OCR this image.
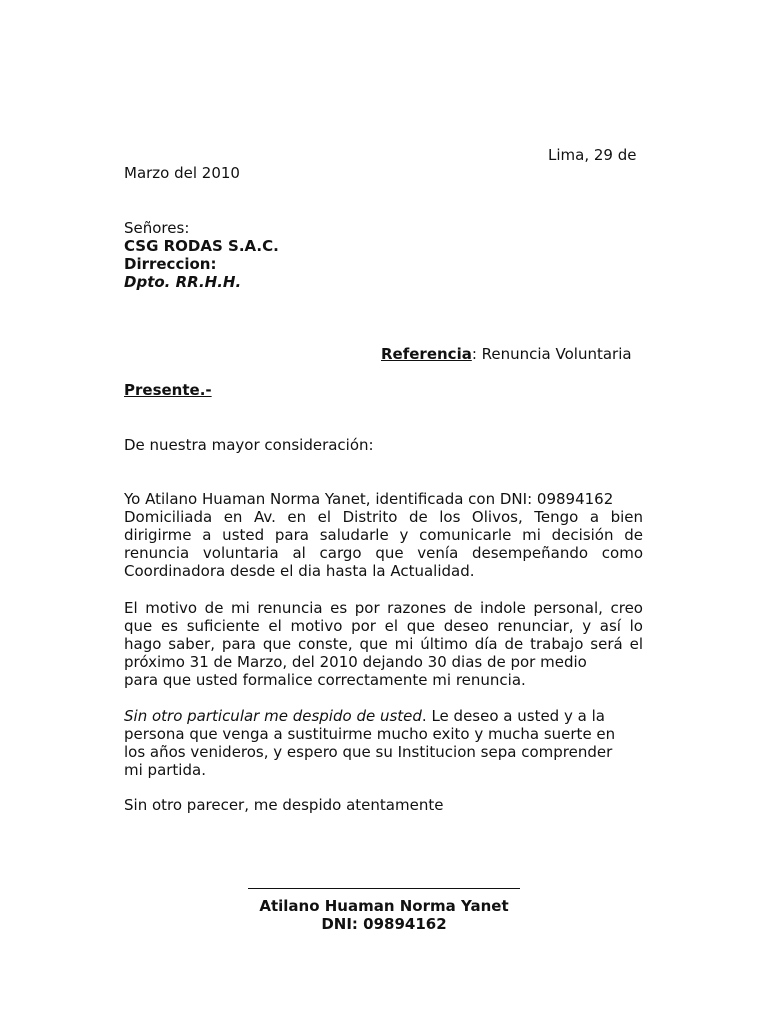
Lima, 29 de
Marzo del 2010
Señores:
CSG RODAS S.A.C.
Dirreccion:
Dpto. RR.H.H.
Referencia: Renuncia Voluntaria
Presente.-
De nuestra mayor consideración:
Yo Atilano Huaman Norma Yanet, identificada con DNI: 09894162
Domiciliada en Av. en el Distrito de los Olivos, Tengo a bien
dirigirme a usted para saludarle y comunicarle mi decisión de
renuncia voluntaria al cargo que venía desempeñando como
Coordinadora desde el dia hasta la Actualidad.
El motivo de mi renuncia es por razones de indole personal, creo
que es suficiente el motivo por el que deseo renunciar, y así lo
hago saber, para que conste, que mi último día de trabajo será el
próximo 31 de Marzo, del 2010 dejando 30 dias de por medio
para que usted formalice correctamente mi renuncia.
Sin otro particular me despido de usted. Le deseo a usted y a la
persona que venga a sustituirme mucho exito y mucha suerte en
los años venideros, y espero que su Institucion sepa comprender
mi partida.
Sin otro parecer, me despido atentamente
Atilano Huaman Norma Yanet
DNI: 09894162
